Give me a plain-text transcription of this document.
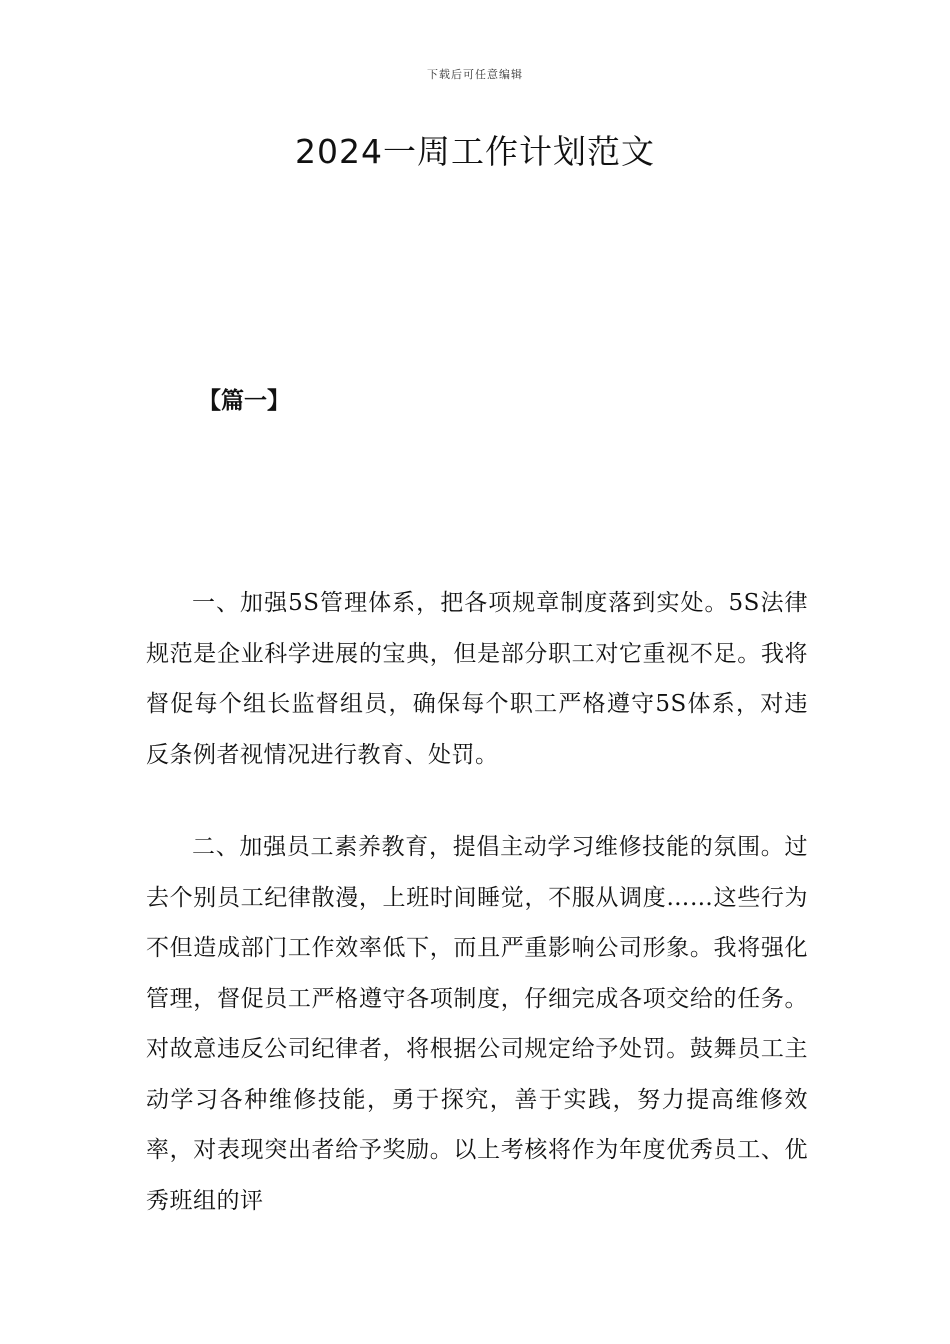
下载后可任意编辑
2024一周工作计划范文

【篇一】

一、加强5S管理体系，把各项规章制度落到实处。5S法律规范是企业科学进展的宝典，但是部分职工对它重视不足。我将督促每个组长监督组员，确保每个职工严格遵守5S体系，对违反条例者视情况进行教育、处罚。

二、加强员工素养教育，提倡主动学习维修技能的氛围。过去个别员工纪律散漫，上班时间睡觉，不服从调度……这些行为不但造成部门工作效率低下，而且严重影响公司形象。我将强化管理，督促员工严格遵守各项制度，仔细完成各项交给的任务。对故意违反公司纪律者，将根据公司规定给予处罚。鼓舞员工主动学习各种维修技能，勇于探究，善于实践，努力提高维修效率，对表现突出者给予奖励。以上考核将作为年度优秀员工、优秀班组的评
